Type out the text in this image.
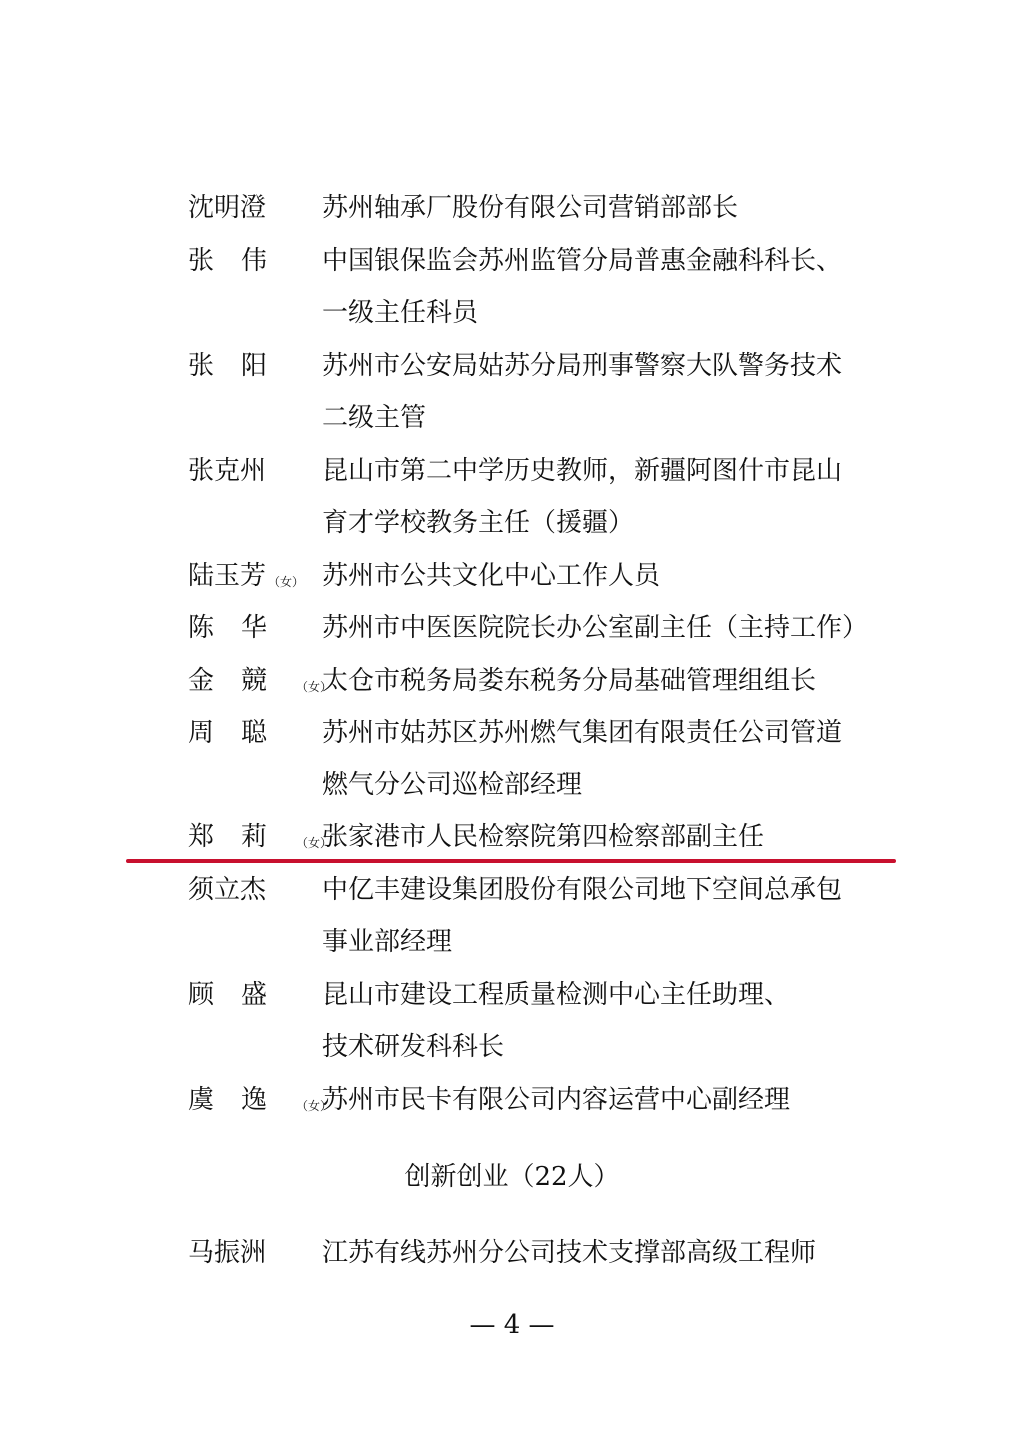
沈明澄 苏州轴承厂股份有限公司营销部部长
张伟 中国银保监会苏州监管分局普惠金融科科长、
一级主任科员
张阳 苏州市公安局姑苏分局刑事警察大队警务技术
二级主管
张克州 昆山市第二中学历史教师，新疆阿图什市昆山
育才学校教务主任（援疆）
陆玉芳 （女） 苏州市公共文化中心工作人员
陈华 苏州市中医医院院长办公室副主任（主持工作）
金競 （女）
太仓市税务局娄东税务分局基础管理组组长
周聪 苏州市姑苏区苏州燃气集团有限责任公司管道
燃气分公司巡检部经理
郑莉 （女）
张家港市人民检察院第四检察部副主任
须立杰 中亿丰建设集团股份有限公司地下空间总承包
事业部经理
顾盛 昆山市建设工程质量检测中心主任助理、
技术研发科科长
虞逸 （女）
苏州市民卡有限公司内容运营中心副经理
创新创业（22人）
马振洲 江苏有线苏州分公司技术支撑部高级工程师
— 4 —
